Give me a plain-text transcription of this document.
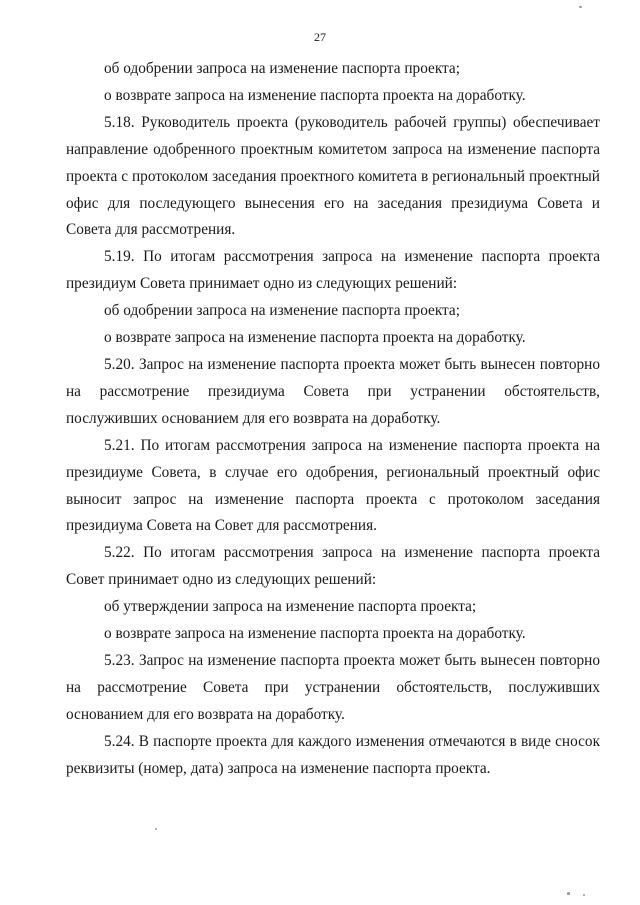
27

об одобрении запроса на изменение паспорта проекта;

о возврате запроса на изменение паспорта проекта на доработку.

5.18. Руководитель проекта (руководитель рабочей группы) обеспечивает направление одобренного проектным комитетом запроса на изменение паспорта проекта с протоколом заседания проектного комитета в региональный проектный офис для последующего вынесения его на заседания президиума Совета и Совета для рассмотрения.

5.19. По итогам рассмотрения запроса на изменение паспорта проекта президиум Совета принимает одно из следующих решений:

об одобрении запроса на изменение паспорта проекта;

о возврате запроса на изменение паспорта проекта на доработку.

5.20. Запрос на изменение паспорта проекта может быть вынесен повторно на рассмотрение президиума Совета при устранении обстоятельств, послуживших основанием для его возврата на доработку.

5.21. По итогам рассмотрения запроса на изменение паспорта проекта на президиуме Совета, в случае его одобрения, региональный проектный офис выносит запрос на изменение паспорта проекта с протоколом заседания президиума Совета на Совет для рассмотрения.

5.22. По итогам рассмотрения запроса на изменение паспорта проекта Совет принимает одно из следующих решений:

об утверждении запроса на изменение паспорта проекта;

о возврате запроса на изменение паспорта проекта на доработку.

5.23. Запрос на изменение паспорта проекта может быть вынесен повторно на рассмотрение Совета при устранении обстоятельств, послуживших основанием для его возврата на доработку.

5.24. В паспорте проекта для каждого изменения отмечаются в виде сносок реквизиты (номер, дата) запроса на изменение паспорта проекта.
